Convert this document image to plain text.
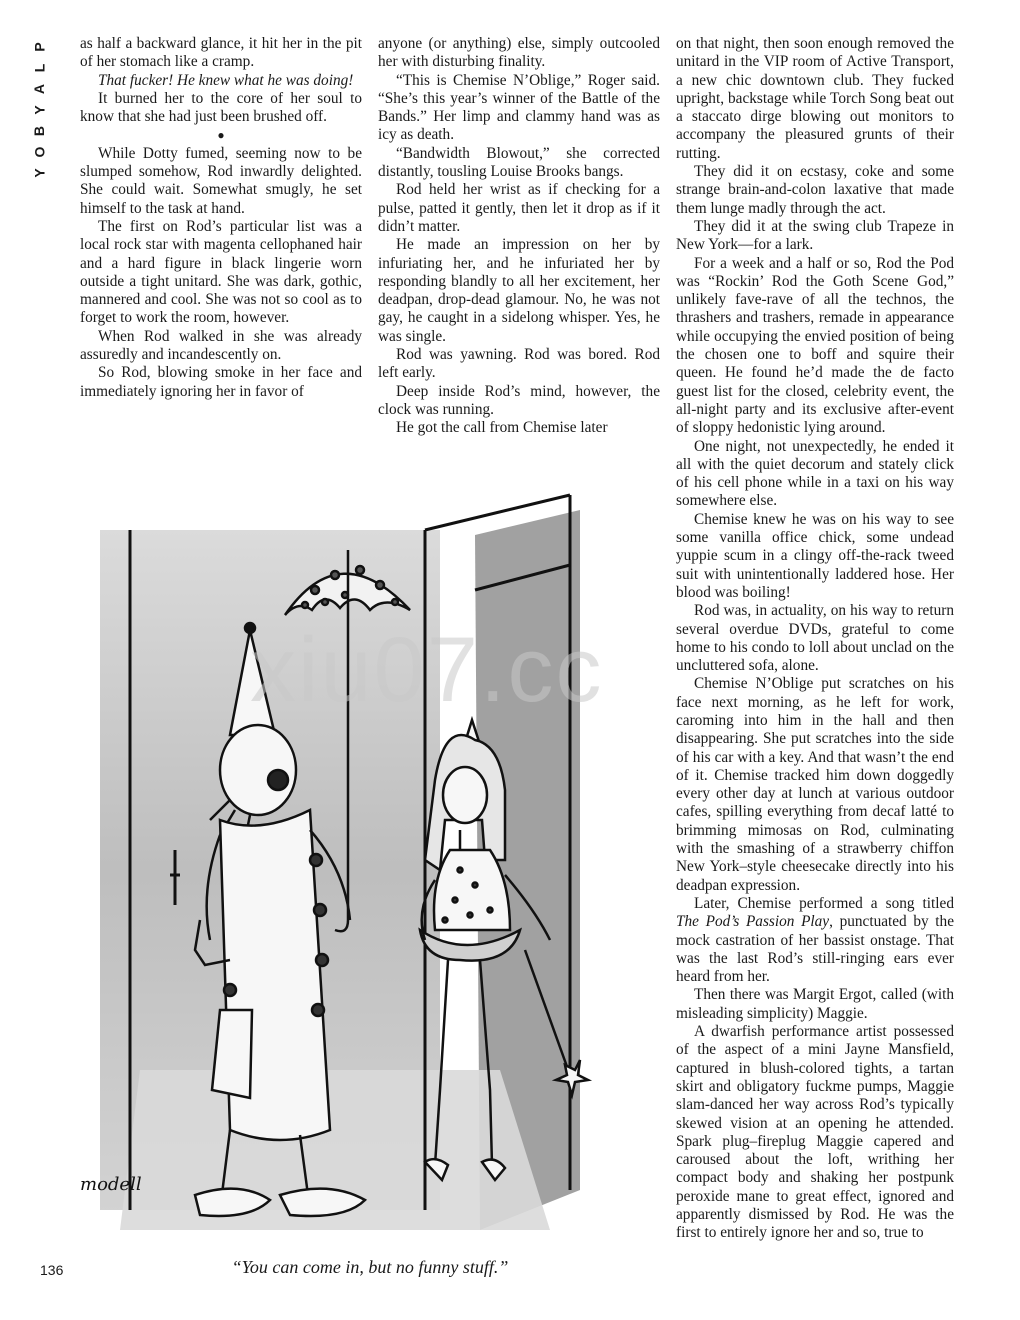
P
L
A
Y
B
O
Y

as half a backward glance, it hit her in the pit of her stomach like a cramp.

That fucker! He knew what he was doing!

It burned her to the core of her soul to know that she had just been brushed off.

●

While Dotty fumed, seeming now to be slumped somehow, Rod inwardly delighted. She could wait. Somewhat smugly, he set himself to the task at hand.

The first on Rod’s particular list was a local rock star with magenta cellophaned hair and a hard figure in black lingerie worn outside a tight unitard. She was dark, gothic, mannered and cool. She was not so cool as to forget to work the room, however.

When Rod walked in she was already assuredly and incandescently on.

So Rod, blowing smoke in her face and immediately ignoring her in favor of

anyone (or anything) else, simply outcooled her with disturbing finality.

“This is Chemise N’Oblige,” Roger said. “She’s this year’s winner of the Battle of the Bands.” Her limp and clammy hand was as icy as death.

“Bandwidth Blowout,” she corrected distantly, tousling Louise Brooks bangs.

Rod held her wrist as if checking for a pulse, patted it gently, then let it drop as if it didn’t matter.

He made an impression on her by infuriating her, and he infuriated her by responding blandly to all her excitement, her deadpan, drop-dead glamour. No, he was not gay, he caught in a sidelong whisper. Yes, he was single.

Rod was yawning. Rod was bored. Rod left early.

Deep inside Rod’s mind, however, the clock was running.

He got the call from Chemise later

on that night, then soon enough removed the unitard in the VIP room of Active Transport, a new chic downtown club. They fucked upright, backstage while Torch Song beat out a staccato dirge blowing out monitors to accompany the pleasured grunts of their rutting.

They did it on ecstasy, coke and some strange brain-and-colon laxative that made them lunge madly through the act.

They did it at the swing club Trapeze in New York—for a lark.

For a week and a half or so, Rod the Pod was “Rockin’ Rod the Goth Scene God,” unlikely fave-rave of all the technos, the thrashers and trashers, remade in appearance while occupying the envied position of being the chosen one to boff and squire their queen. He found he’d made the de facto guest list for the closed, celebrity event, the all-night party and its exclusive after-event of sloppy hedonistic lying around.

One night, not unexpectedly, he ended it all with the quiet decorum and stately click of his cell phone while in a taxi on his way somewhere else.

Chemise knew he was on his way to see some vanilla office chick, some undead yuppie scum in a clingy off-the-rack tweed suit with unintentionally laddered hose. Her blood was boiling!

Rod was, in actuality, on his way to return several overdue DVDs, grateful to come home to his condo to loll about unclad on the uncluttered sofa, alone.

Chemise N’Oblige put scratches on his face next morning, as he left for work, caroming into him in the hall and then disappearing. She put scratches into the side of his car with a key. And that wasn’t the end of it. Chemise tracked him down doggedly every other day at lunch at various outdoor cafes, spilling everything from decaf latté to brimming mimosas on Rod, culminating with the smashing of a strawberry chiffon New York–style cheesecake directly into his deadpan expression.

Later, Chemise performed a song titled The Pod’s Passion Play, punctuated by the mock castration of her bassist onstage. That was the last Rod’s still-ringing ears ever heard from her.

Then there was Margit Ergot, called (with misleading simplicity) Maggie.

A dwarfish performance artist possessed of the aspect of a mini Jayne Mansfield, captured in blush-colored tights, a tartan skirt and obligatory fuckme pumps, Maggie slam-danced her way across Rod’s typically skewed vision at an opening he attended. Spark plug–fireplug Maggie capered and caroused about the loft, writhing her compact body and shaking her postpunk peroxide mane to great effect, ignored and apparently dismissed by Rod. He was the first to entirely ignore her and so, true to

modell
xiu07.cc
136	“You can come in, but no funny stuff.”
